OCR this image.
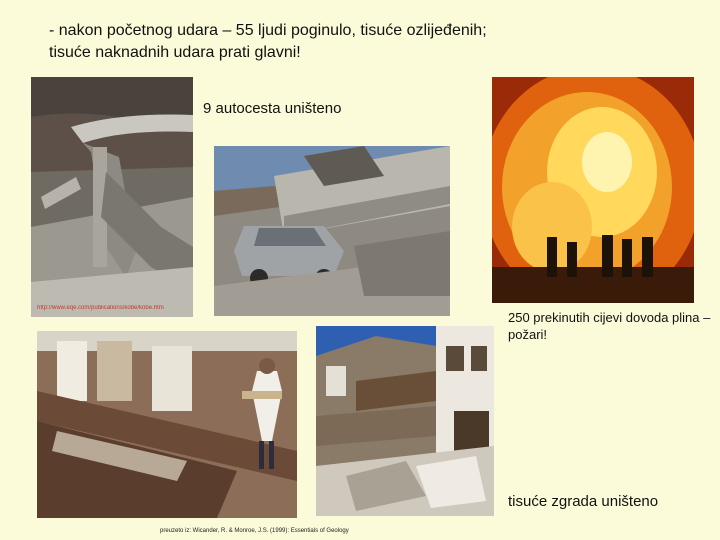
- nakon početnog udara – 55 ljudi poginulo, tisuće ozlijeđenih;
tisuće naknadnih udara prati glavni!
http://www.eqe.com/publications/kobe/kobe.htm
9 autocesta uništeno
250 prekinutih cijevi dovoda plina – požari!
tisuće zgrada uništeno
preuzeto iz: Wicander, R. & Monroe, J.S. (1999): Essentials of Geology
